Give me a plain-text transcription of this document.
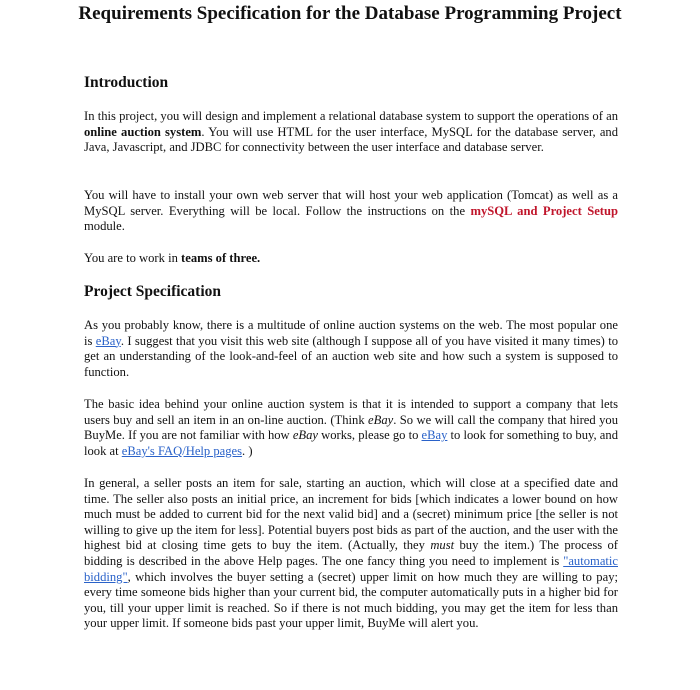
Requirements Specification for the Database Programming Project
Introduction

In this project, you will design and implement a relational database system to support the operations of an online auction system. You will use HTML for the user interface, MySQL for the database server, and Java, Javascript, and JDBC for connectivity between the user interface and database server.

You will have to install your own web server that will host your web application (Tomcat) as well as a MySQL server. Everything will be local. Follow the instructions on the mySQL and Project Setup module.

You are to work in teams of three.

Project Specification

As you probably know, there is a multitude of online auction systems on the web. The most popular one is eBay. I suggest that you visit this web site (although I suppose all of you have visited it many times) to get an understanding of the look-and-feel of an auction web site and how such a system is supposed to function.

The basic idea behind your online auction system is that it is intended to support a company that lets users buy and sell an item in an on-line auction. (Think eBay. So we will call the company that hired you BuyMe. If you are not familiar with how eBay works, please go to eBay to look for something to buy, and look at eBay's FAQ/Help pages. )

In general, a seller posts an item for sale, starting an auction, which will close at a specified date and time. The seller also posts an initial price, an increment for bids [which indicates a lower bound on how much must be added to current bid for the next valid bid] and a (secret) minimum price [the seller is not willing to give up the item for less]. Potential buyers post bids as part of the auction, and the user with the highest bid at closing time gets to buy the item. (Actually, they must buy the item.) The process of bidding is described in the above Help pages. The one fancy thing you need to implement is "automatic bidding", which involves the buyer setting a (secret) upper limit on how much they are willing to pay; every time someone bids higher than your current bid, the computer automatically puts in a higher bid for you, till your upper limit is reached. So if there is not much bidding, you may get the item for less than your upper limit. If someone bids past your upper limit, BuyMe will alert you.
